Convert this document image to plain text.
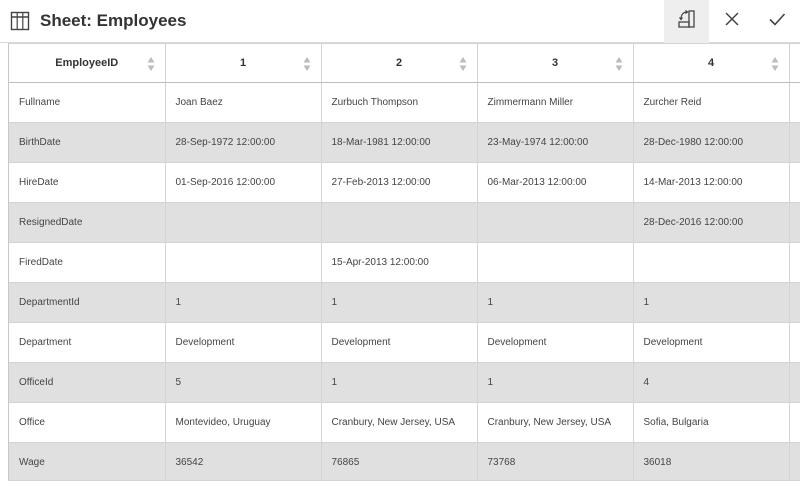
Sheet: Employees
EmployeeID	1	2	3	4

Fullname	Joan Baez	Zurbuch Thompson	Zimmermann Miller	Zurcher Reid	
BirthDate	28-Sep-1972 12:00:00	18-Mar-1981 12:00:00	23-May-1974 12:00:00	28-Dec-1980 12:00:00	
HireDate	01-Sep-2016 12:00:00	27-Feb-2013 12:00:00	06-Mar-2013 12:00:00	14-Mar-2013 12:00:00	
ResignedDate				28-Dec-2016 12:00:00	
FiredDate		15-Apr-2013 12:00:00			
DepartmentId	1	1	1	1	
Department	Development	Development	Development	Development	
OfficeId	5	1	1	4	
Office	Montevideo, Uruguay	Cranbury, New Jersey, USA	Cranbury, New Jersey, USA	Sofia, Bulgaria	
Wage	36542	76865	73768	36018	
